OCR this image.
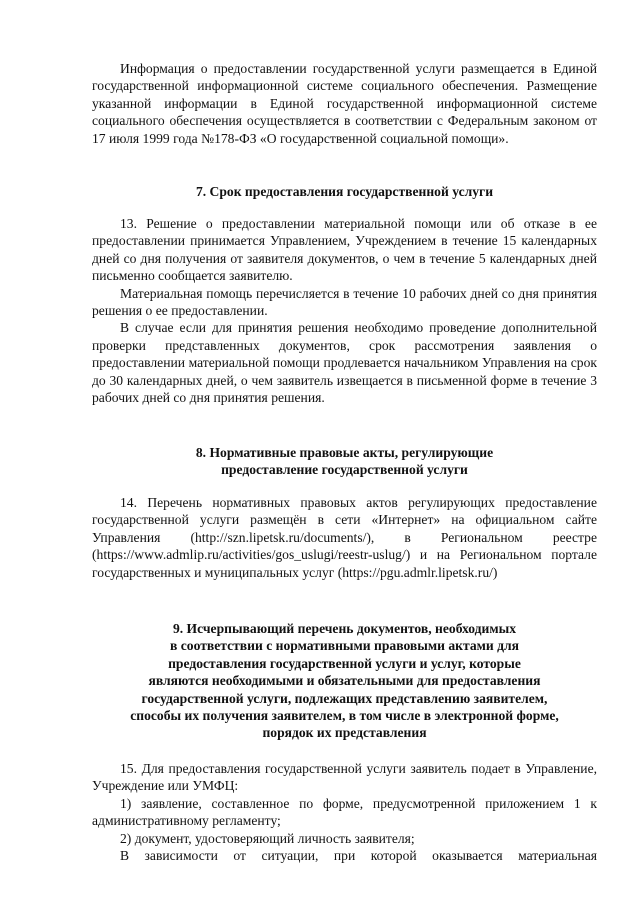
Информация о предоставлении государственной услуги размещается в Единой государственной информационной системе социального обеспечения. Размещение указанной информации в Единой государственной информационной системе социального обеспечения осуществляется в соответствии с Федеральным законом от 17 июля 1999 года №178-ФЗ «О государственной социальной помощи».

7. Срок предоставления государственной услуги

13. Решение о предоставлении материальной помощи или об отказе в ее предоставлении принимается Управлением, Учреждением в течение 15 календарных дней со дня получения от заявителя документов, о чем в течение 5 календарных дней письменно сообщается заявителю.

Материальная помощь перечисляется в течение 10 рабочих дней со дня принятия решения о ее предоставлении.

В случае если для принятия решения необходимо проведение дополнительной проверки представленных документов, срок рассмотрения заявления о предоставлении материальной помощи продлевается начальником Управления на срок до 30 календарных дней, о чем заявитель извещается в письменной форме в течение 3 рабочих дней со дня принятия решения.

8. Нормативные правовые акты, регулирующие
предоставление государственной услуги

14. Перечень нормативных правовых актов регулирующих предоставление государственной услуги размещён в сети «Интернет» на официальном сайте Управления (http://szn.lipetsk.ru/documents/), в Региональном реестре (https://www.admlip.ru/activities/gos_uslugi/reestr-uslug/) и на Региональном портале государственных и муниципальных услуг (https://pgu.admlr.lipetsk.ru/)

9. Исчерпывающий перечень документов, необходимых
в соответствии с нормативными правовыми актами для
предоставления государственной услуги и услуг, которые
являются необходимыми и обязательными для предоставления
государственной услуги, подлежащих представлению заявителем,
способы их получения заявителем, в том числе в электронной форме,
порядок их представления

15. Для предоставления государственной услуги заявитель подает в Управление, Учреждение или УМФЦ:

1) заявление, составленное по форме, предусмотренной приложением 1 к административному регламенту;

2) документ, удостоверяющий личность заявителя;

В зависимости от ситуации, при которой оказывается материальная
